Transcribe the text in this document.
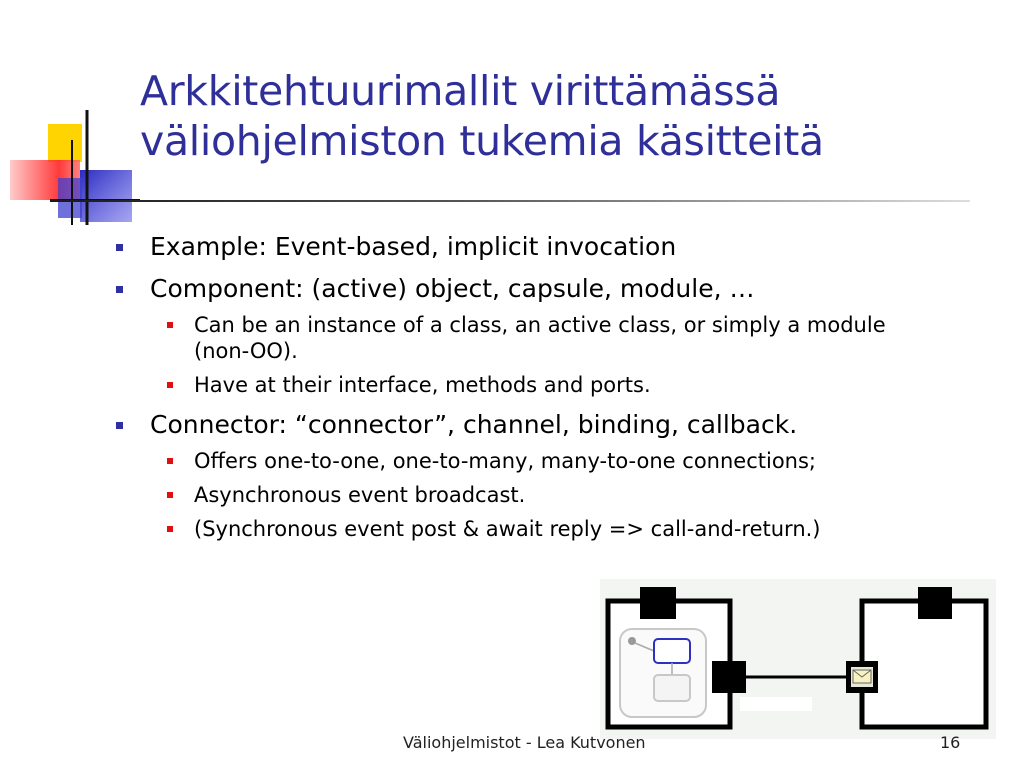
Arkkitehtuurimallit virittämässä
väliohjelmiston tukemia käsitteitä
Example: Event-based, implicit invocation
Component: (active) object, capsule, module, …
Can be an instance of a class, an active class, or simply a module (non-OO).
Have at their interface, methods and ports.
Connector: “connector”, channel, binding, callback.
Offers one-to-one, one-to-many, many-to-one connections;
Asynchronous event broadcast.
(Synchronous event post & await reply => call-and-return.)
Väliohjelmistot - Lea Kutvonen	16
